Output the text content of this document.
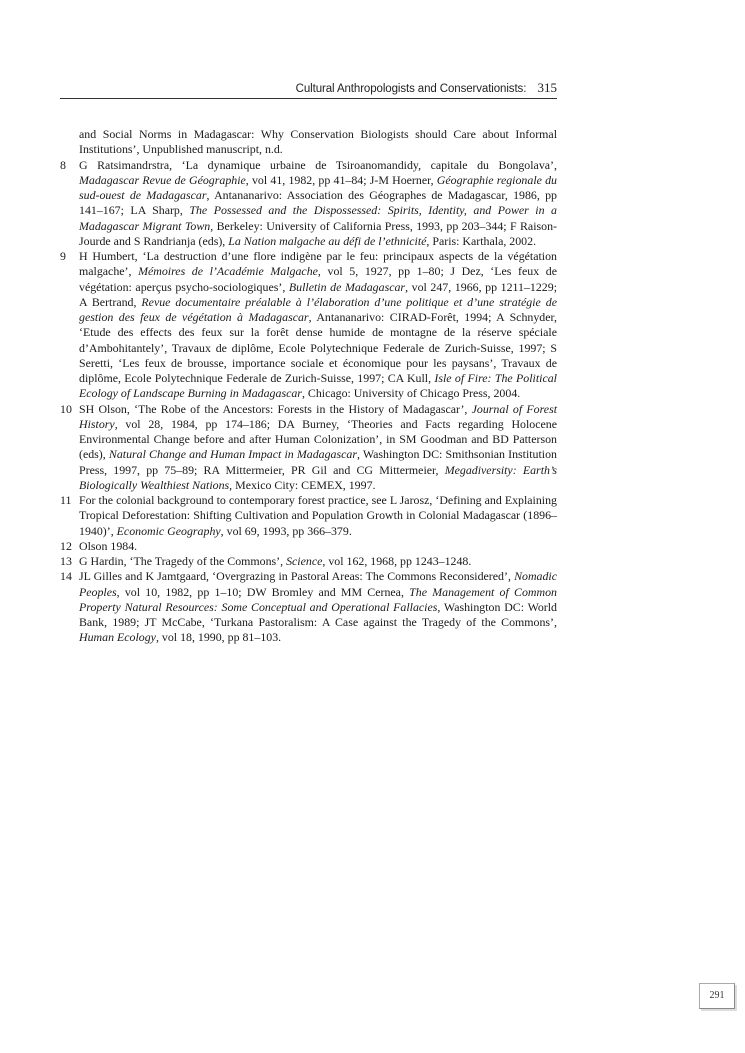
Cultural Anthropologists and Conservationists: 315
and Social Norms in Madagascar: Why Conservation Biologists should Care about Informal Institutions’, Unpublished manuscript, n.d.
8 G Ratsimandrstra, ‘La dynamique urbaine de Tsiroanomandidy, capitale du Bongolava’, Madagascar Revue de Géographie, vol 41, 1982, pp 41–84; J-M Hoerner, Géographie regionale du sud-ouest de Madagascar, Antananarivo: Association des Géographes de Madagascar, 1986, pp 141–167; LA Sharp, The Possessed and the Dispossessed: Spirits, Identity, and Power in a Madagascar Migrant Town, Berkeley: University of California Press, 1993, pp 203–344; F Raison-Jourde and S Randrianja (eds), La Nation malgache au défi de l’ethnicité, Paris: Karthala, 2002.
9 H Humbert, ‘La destruction d’une flore indigène par le feu: principaux aspects de la végétation malgache’, Mémoires de l’Académie Malgache, vol 5, 1927, pp 1–80; J Dez, ‘Les feux de végétation: aperçus psycho-sociologiques’, Bulletin de Madagascar, vol 247, 1966, pp 1211–1229; A Bertrand, Revue documentaire préalable à l’élaboration d’une politique et d’une stratégie de gestion des feux de végétation à Madagascar, Antananarivo: CIRAD-Forêt, 1994; A Schnyder, ‘Etude des effects des feux sur la forêt dense humide de montagne de la réserve spéciale d’Ambohitantely’, Travaux de diplôme, Ecole Polytechnique Federale de Zurich-Suisse, 1997; S Seretti, ‘Les feux de brousse, importance sociale et économique pour les paysans’, Travaux de diplôme, Ecole Polytechnique Federale de Zurich-Suisse, 1997; CA Kull, Isle of Fire: The Political Ecology of Landscape Burning in Madagascar, Chicago: University of Chicago Press, 2004.
10 SH Olson, ‘The Robe of the Ancestors: Forests in the History of Madagascar’, Journal of Forest History, vol 28, 1984, pp 174–186; DA Burney, ‘Theories and Facts regarding Holocene Environmental Change before and after Human Colonization’, in SM Goodman and BD Patterson (eds), Natural Change and Human Impact in Madagascar, Washington DC: Smithsonian Institution Press, 1997, pp 75–89; RA Mittermeier, PR Gil and CG Mittermeier, Megadiversity: Earth’s Biologically Wealthiest Nations, Mexico City: CEMEX, 1997.
11 For the colonial background to contemporary forest practice, see L Jarosz, ‘Defining and Explaining Tropical Deforestation: Shifting Cultivation and Population Growth in Colonial Madagascar (1896–1940)’, Economic Geography, vol 69, 1993, pp 366–379.
12 Olson 1984.
13 G Hardin, ‘The Tragedy of the Commons’, Science, vol 162, 1968, pp 1243–1248.
14 JL Gilles and K Jamtgaard, ‘Overgrazing in Pastoral Areas: The Commons Reconsidered’, Nomadic Peoples, vol 10, 1982, pp 1–10; DW Bromley and MM Cernea, The Management of Common Property Natural Resources: Some Conceptual and Operational Fallacies, Washington DC: World Bank, 1989; JT McCabe, ‘Turkana Pastoralism: A Case against the Tragedy of the Commons’, Human Ecology, vol 18, 1990, pp 81–103.
291
